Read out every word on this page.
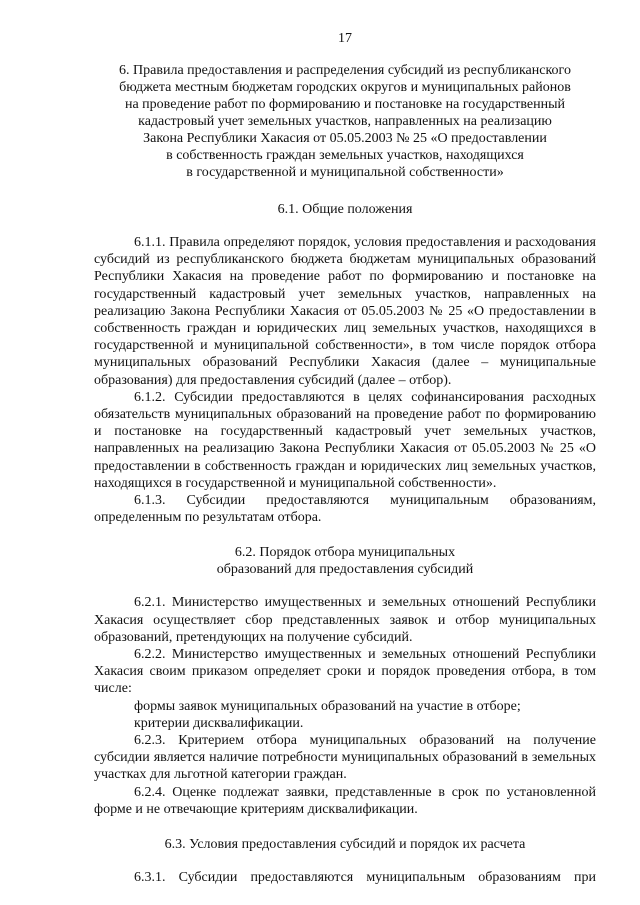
17
6. Правила предоставления и распределения субсидий из республиканского
бюджета местным бюджетам городских округов и муниципальных районов
на проведение работ по формированию и постановке на государственный
кадастровый учет земельных участков, направленных на реализацию
Закона Республики Хакасия от 05.05.2003 № 25 «О предоставлении
в собственность граждан земельных участков, находящихся
в государственной и муниципальной собственности»
6.1. Общие положения

6.1.1. Правила определяют порядок, условия предоставления и расходования субсидий из республиканского бюджета бюджетам муниципальных образований Республики Хакасия на проведение работ по формированию и постановке на государственный кадастровый учет земельных участков, направленных на реализацию Закона Республики Хакасия от 05.05.2003 № 25 «О предоставлении в собственность граждан и юридических лиц земельных участков, находящихся в государственной и муниципальной собственности», в том числе порядок отбора муниципальных образований Республики Хакасия (далее – муниципальные образования) для предоставления субсидий (далее – отбор).

6.1.2. Субсидии предоставляются в целях софинансирования расходных обязательств муниципальных образований на проведение работ по формированию и постановке на государственный кадастровый учет земельных участков, направленных на реализацию Закона Республики Хакасия от 05.05.2003 № 25 «О предоставлении в собственность граждан и юридических лиц земельных участков, находящихся в государственной и муниципальной собственности».

6.1.3. Субсидии предоставляются муниципальным образованиям, определенным по результатам отбора.

6.2. Порядок отбора муниципальных
образований для предоставления субсидий

6.2.1. Министерство имущественных и земельных отношений Республики Хакасия осуществляет сбор представленных заявок и отбор муниципальных образований, претендующих на получение субсидий.

6.2.2. Министерство имущественных и земельных отношений Республики Хакасия своим приказом определяет сроки и порядок проведения отбора, в том числе:

формы заявок муниципальных образований на участие в отборе;

критерии дисквалификации.

6.2.3. Критерием отбора муниципальных образований на получение субсидии является наличие потребности муниципальных образований в земельных участках для льготной категории граждан.

6.2.4. Оценке подлежат заявки, представленные в срок по установленной форме и не отвечающие критериям дисквалификации.

6.3. Условия предоставления субсидий и порядок их расчета

6.3.1. Субсидии предоставляются муниципальным образованиям при
